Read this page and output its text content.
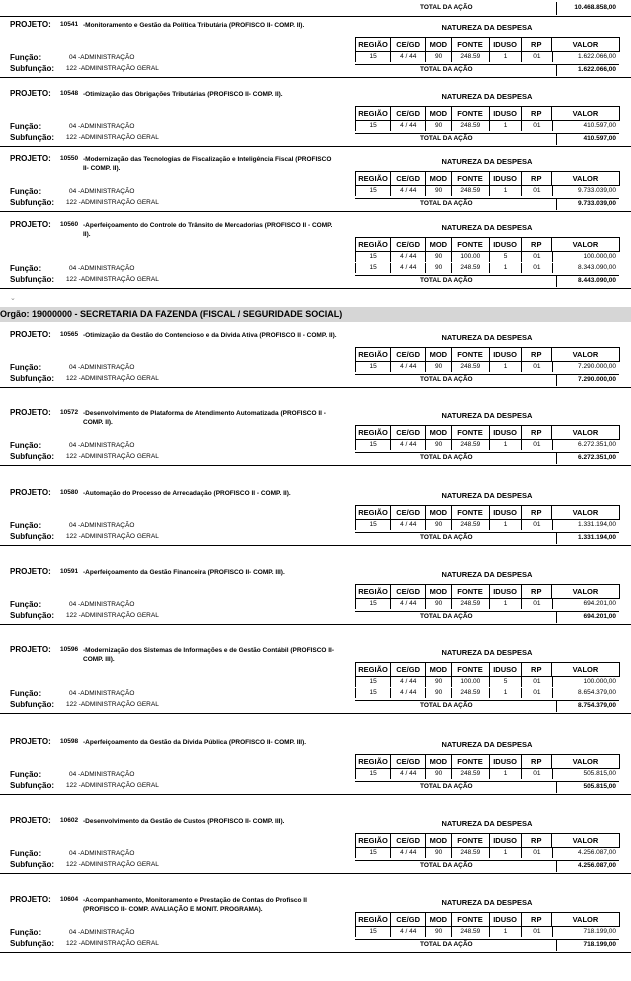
TOTAL DA AÇÃO	10.468.858,00
⌄
Orgão: 19000000 - SECRETARIA DA FAZENDA (FISCAL / SEGURIDADE SOCIAL)
PROJETO: 10541 -Monitoramento e Gestão da Política Tributária (PROFISCO II- COMP. II).	NATUREZA DA DESPESA
REGIÃO	CE/GD	MOD	FONTE	IDUSO	RP	VALOR
15	4 / 44	90	248.59	1	01	1.622.066,00
Função:	04 -ADMINISTRAÇÃO
Subfunção: 122 -ADMINISTRAÇÃO GERAL	TOTAL DA AÇÃO	1.622.066,00
PROJETO: 10548 -Otimização das Obrigações Tributárias (PROFISCO II- COMP. II).	NATUREZA DA DESPESA
REGIÃO	CE/GD	MOD	FONTE	IDUSO	RP	VALOR
15	4 / 44	90	248.59	1	01	410.597,00
Função:	04 -ADMINISTRAÇÃO
Subfunção: 122 -ADMINISTRAÇÃO GERAL	TOTAL DA AÇÃO	410.597,00
PROJETO: 10550 -Modernização das Tecnologias de Fiscalização e Inteligência Fiscal (PROFISCO II- COMP. II).
NATUREZA DA DESPESA
REGIÃO	CE/GD	MOD	FONTE	IDUSO	RP	VALOR
15	4 / 44	90	248.59	1	01	9.733.039,00
Função:	04 -ADMINISTRAÇÃO
Subfunção: 122 -ADMINISTRAÇÃO GERAL	TOTAL DA AÇÃO	9.733.039,00
PROJETO: 10560 -Aperfeiçoamento do Controle do Trânsito de Mercadorias (PROFISCO II - COMP. II).
NATUREZA DA DESPESA
REGIÃO	CE/GD	MOD	FONTE	IDUSO	RP	VALOR
15	4 / 44	90	100.00	5	01	100.000,00
15	4 / 44	90	248.59	1	01	8.343.090,00
Função:	04 -ADMINISTRAÇÃO
Subfunção: 122 -ADMINISTRAÇÃO GERAL	TOTAL DA AÇÃO	8.443.090,00
PROJETO: 10565 -Otimização da Gestão do Contencioso e da Dívida Ativa (PROFISCO II - COMP. II).	NATUREZA DA DESPESA
REGIÃO	CE/GD	MOD	FONTE	IDUSO	RP	VALOR
15	4 / 44	90	248.59	1	01	7.290.000,00
Função:	04 -ADMINISTRAÇÃO
Subfunção: 122 -ADMINISTRAÇÃO GERAL	TOTAL DA AÇÃO	7.290.000,00
PROJETO: 10572 -Desenvolvimento de Plataforma de Atendimento Automatizada (PROFISCO II - COMP. II).
NATUREZA DA DESPESA
REGIÃO	CE/GD	MOD	FONTE	IDUSO	RP	VALOR
15	4 / 44	90	248.59	1	01	6.272.351,00
Função:	04 -ADMINISTRAÇÃO
Subfunção: 122 -ADMINISTRAÇÃO GERAL	TOTAL DA AÇÃO	6.272.351,00
PROJETO: 10580 -Automação do Processo de Arrecadação (PROFISCO II - COMP. II).	NATUREZA DA DESPESA
REGIÃO	CE/GD	MOD	FONTE	IDUSO	RP	VALOR
15	4 / 44	90	248.59	1	01	1.331.194,00
Função:	04 -ADMINISTRAÇÃO
Subfunção: 122 -ADMINISTRAÇÃO GERAL	TOTAL DA AÇÃO	1.331.194,00
PROJETO: 10591 -Aperfeiçoamento da Gestão Financeira (PROFISCO II- COMP. III).	NATUREZA DA DESPESA
REGIÃO	CE/GD	MOD	FONTE	IDUSO	RP	VALOR
15	4 / 44	90	248.59	1	01	694.201,00
Função:	04 -ADMINISTRAÇÃO
Subfunção: 122 -ADMINISTRAÇÃO GERAL	TOTAL DA AÇÃO	694.201,00
PROJETO: 10596 -Modernização dos Sistemas de Informações e de Gestão Contábil (PROFISCO II- COMP. III).
NATUREZA DA DESPESA
REGIÃO	CE/GD	MOD	FONTE	IDUSO	RP	VALOR
15	4 / 44	90	100.00	5	01	100.000,00
15	4 / 44	90	248.59	1	01	8.654.379,00
Função:	04 -ADMINISTRAÇÃO
Subfunção: 122 -ADMINISTRAÇÃO GERAL	TOTAL DA AÇÃO	8.754.379,00
PROJETO: 10598 -Aperfeiçoamento da Gestão da Dívida Pública (PROFISCO II- COMP. III).	NATUREZA DA DESPESA
REGIÃO	CE/GD	MOD	FONTE	IDUSO	RP	VALOR
15	4 / 44	90	248.59	1	01	505.815,00
Função:	04 -ADMINISTRAÇÃO
Subfunção: 122 -ADMINISTRAÇÃO GERAL	TOTAL DA AÇÃO	505.815,00
PROJETO: 10602 -Desenvolvimento da Gestão de Custos (PROFISCO II- COMP. III).	NATUREZA DA DESPESA
REGIÃO	CE/GD	MOD	FONTE	IDUSO	RP	VALOR
15	4 / 44	90	248.59	1	01	4.256.087,00
Função:	04 -ADMINISTRAÇÃO
Subfunção: 122 -ADMINISTRAÇÃO GERAL	TOTAL DA AÇÃO	4.256.087,00
PROJETO: 10604 -Acompanhamento, Monitoramento e Prestação de Contas do Profisco II (PROFISCO II- COMP. AVALIAÇÃO E MONIT. PROGRAMA).
NATUREZA DA DESPESA
REGIÃO	CE/GD	MOD	FONTE	IDUSO	RP	VALOR
15	4 / 44	90	248.59	1	01	718.199,00
Função:	04 -ADMINISTRAÇÃO
Subfunção: 122 -ADMINISTRAÇÃO GERAL	TOTAL DA AÇÃO	718.199,00
